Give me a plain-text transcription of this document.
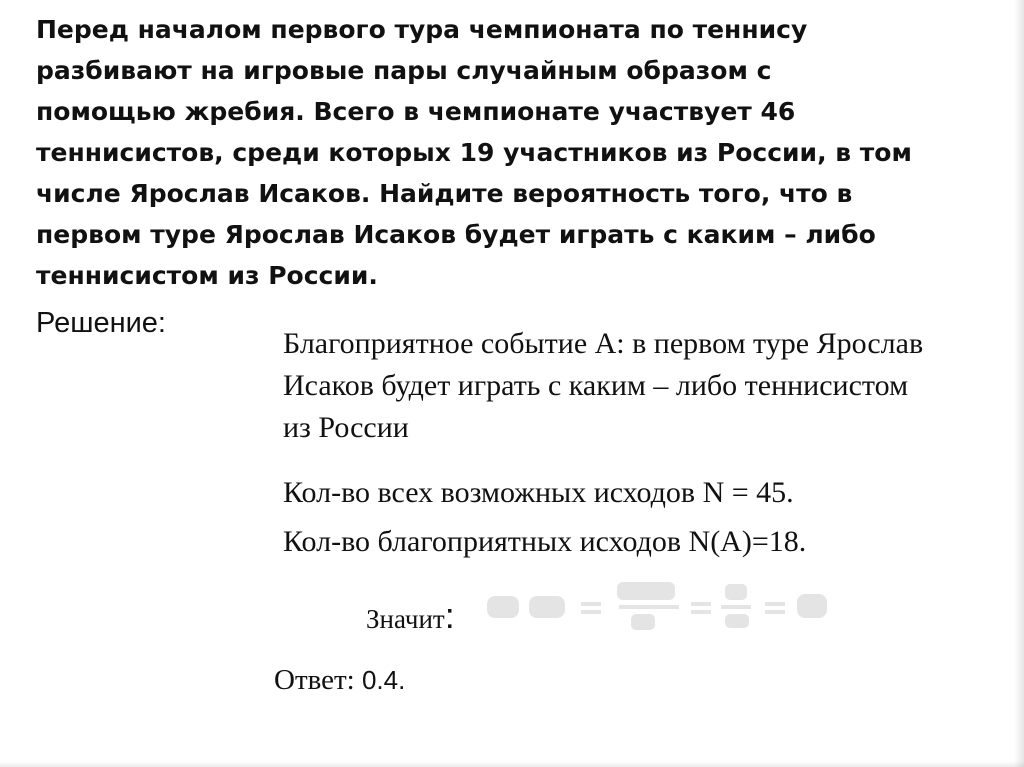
Перед началом первого тура чемпионата по теннису
разбивают на игровые пары случайным образом с
помощью жребия. Всего в чемпионате участвует 46
теннисистов, среди которых 19 участников из России, в том
числе Ярослав Исаков. Найдите вероятность того, что в
первом туре Ярослав Исаков будет играть с каким – либо
теннисистом из России.
Решение:
Благоприятное событие А: в первом туре Ярослав
Исаков будет играть с каким – либо теннисистом
из России
Кол-во всех возможных исходов N = 45.
Кол-во благоприятных исходов N(А)=18.
Значит :
Ответ: 0.4.
